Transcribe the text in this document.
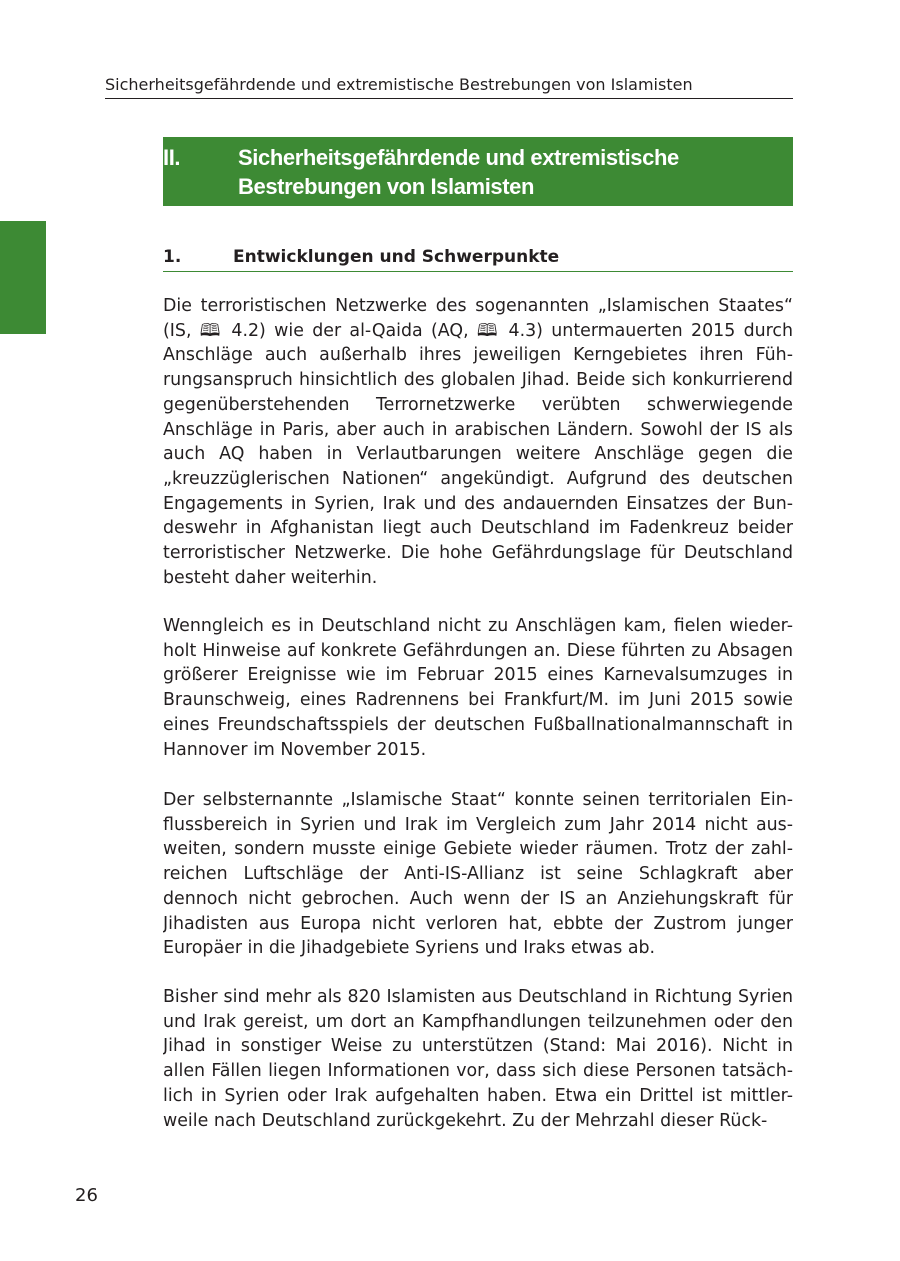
Sicherheitsgefährdende und extremistische Bestrebungen von Islamisten
II.	Sicherheitsgefährdende und extremistische
Bestrebungen von Islamisten
1.	Entwicklungen und Schwerpunkte
Die terroristischen Netzwerke des sogenannten „Islamischen Staates“
(IS, 🕮 4.2) wie der al-Qaida (AQ, 🕮 4.3) untermauerten 2015 durch
Anschläge auch außerhalb ihres jeweiligen Kerngebietes ihren Füh-
rungsanspruch hinsichtlich des globalen Jihad. Beide sich konkurrierend
gegenüberstehenden Terrornetzwerke verübten schwerwiegende
Anschläge in Paris, aber auch in arabischen Ländern. Sowohl der IS als
auch AQ haben in Verlautbarungen weitere Anschläge gegen die
„kreuzzüglerischen Nationen“ angekündigt. Aufgrund des deutschen
Engagements in Syrien, Irak und des andauernden Einsatzes der Bun-
deswehr in Afghanistan liegt auch Deutschland im Fadenkreuz beider
terroristischer Netzwerke. Die hohe Gefährdungslage für Deutschland
besteht daher weiterhin.
Wenngleich es in Deutschland nicht zu Anschlägen kam, fielen wieder-
holt Hinweise auf konkrete Gefährdungen an. Diese führten zu Absagen
größerer Ereignisse wie im Februar 2015 eines Karnevalsumzuges in
Braunschweig, eines Radrennens bei Frankfurt/M. im Juni 2015 sowie
eines Freundschaftsspiels der deutschen Fußballnationalmannschaft in
Hannover im November 2015.
Der selbsternannte „Islamische Staat“ konnte seinen territorialen Ein-
flussbereich in Syrien und Irak im Vergleich zum Jahr 2014 nicht aus-
weiten, sondern musste einige Gebiete wieder räumen. Trotz der zahl-
reichen Luftschläge der Anti-IS-Allianz ist seine Schlagkraft aber
dennoch nicht gebrochen. Auch wenn der IS an Anziehungskraft für
Jihadisten aus Europa nicht verloren hat, ebbte der Zustrom junger
Europäer in die Jihadgebiete Syriens und Iraks etwas ab.
Bisher sind mehr als 820 Islamisten aus Deutschland in Richtung Syrien
und Irak gereist, um dort an Kampfhandlungen teilzunehmen oder den
Jihad in sonstiger Weise zu unterstützen (Stand: Mai 2016). Nicht in
allen Fällen liegen Informationen vor, dass sich diese Personen tatsäch-
lich in Syrien oder Irak aufgehalten haben. Etwa ein Drittel ist mittler-
weile nach Deutschland zurückgekehrt. Zu der Mehrzahl dieser Rück-
26
